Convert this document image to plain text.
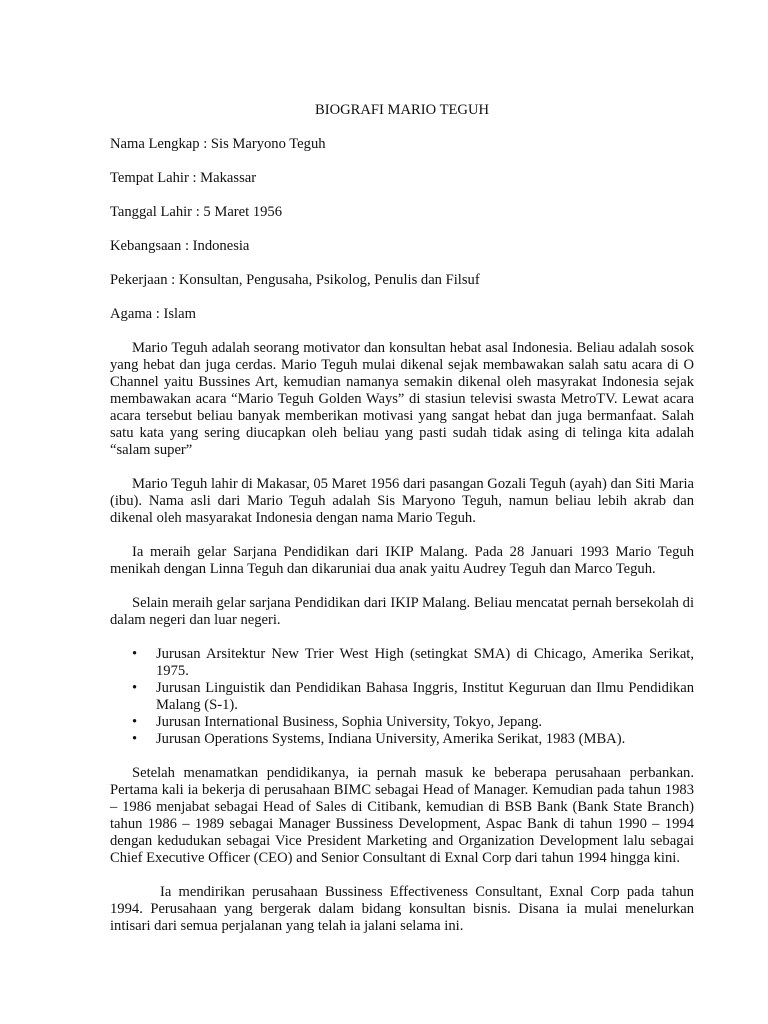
BIOGRAFI MARIO TEGUH
Nama Lengkap : Sis Maryono Teguh
Tempat Lahir : Makassar
Tanggal Lahir : 5 Maret 1956
Kebangsaan : Indonesia
Pekerjaan : Konsultan, Pengusaha, Psikolog, Penulis dan Filsuf
Agama : Islam

Mario Teguh adalah seorang motivator dan konsultan hebat asal Indonesia. Beliau adalah sosok yang hebat dan juga cerdas. Mario Teguh mulai dikenal sejak membawakan salah satu acara di O Channel yaitu Bussines Art, kemudian namanya semakin dikenal oleh masyrakat Indonesia sejak membawakan acara “Mario Teguh Golden Ways” di stasiun televisi swasta MetroTV. Lewat acara acara tersebut beliau banyak memberikan motivasi yang sangat hebat dan juga bermanfaat. Salah satu kata yang sering diucapkan oleh beliau yang pasti sudah tidak asing di telinga kita adalah “salam super”

Mario Teguh lahir di Makasar, 05 Maret 1956 dari pasangan Gozali Teguh (ayah) dan Siti Maria (ibu). Nama asli dari Mario Teguh adalah Sis Maryono Teguh, namun beliau lebih akrab dan dikenal oleh masyarakat Indonesia dengan nama Mario Teguh.

Ia meraih gelar Sarjana Pendidikan dari IKIP Malang. Pada 28 Januari 1993 Mario Teguh menikah dengan Linna Teguh dan dikaruniai dua anak yaitu Audrey Teguh dan Marco Teguh.

Selain meraih gelar sarjana Pendidikan dari IKIP Malang. Beliau mencatat pernah bersekolah di dalam negeri dan luar negeri.

• Jurusan Arsitektur New Trier West High (setingkat SMA) di Chicago, Amerika Serikat, 1975.
• Jurusan Linguistik dan Pendidikan Bahasa Inggris, Institut Keguruan dan Ilmu Pendidikan Malang (S-1).
• Jurusan International Business, Sophia University, Tokyo, Jepang.
• Jurusan Operations Systems, Indiana University, Amerika Serikat, 1983 (MBA).

Setelah menamatkan pendidikanya, ia pernah masuk ke beberapa perusahaan perbankan. Pertama kali ia bekerja di perusahaan BIMC sebagai Head of Manager. Kemudian pada tahun 1983 – 1986 menjabat sebagai Head of Sales di Citibank, kemudian di BSB Bank (Bank State Branch) tahun 1986 – 1989 sebagai Manager Bussiness Development, Aspac Bank di tahun 1990 – 1994 dengan kedudukan sebagai Vice President Marketing and Organization Development lalu sebagai Chief Executive Officer (CEO) and Senior Consultant di Exnal Corp dari tahun 1994 hingga kini.

Ia mendirikan perusahaan Bussiness Effectiveness Consultant, Exnal Corp pada tahun 1994. Perusahaan yang bergerak dalam bidang konsultan bisnis. Disana ia mulai menelurkan intisari dari semua perjalanan yang telah ia jalani selama ini.
